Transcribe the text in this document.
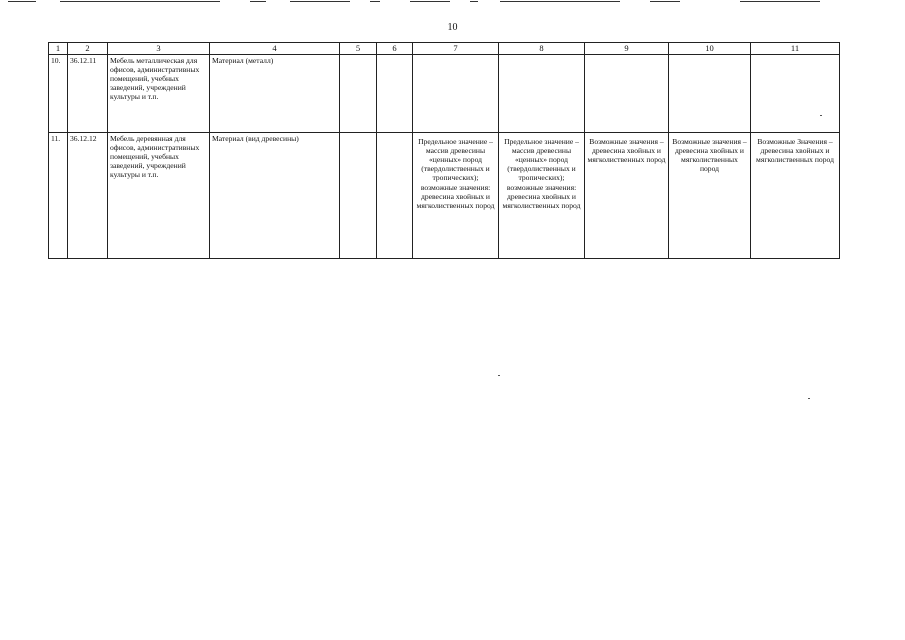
10
1	2	3	4	5	6	7	8	9	10	11
10.	36.12.11	Мебель металлическая для офисов, административных помещений, учебных заведений, учреждений культуры и т.п.	Материал (металл)							
11.	36.12.12	Мебель деревянная для офисов, административных помещений, учебных заведений, учреждений культуры и т.п.	Материал (вид древесины)			Предельное значение – массив древесины «ценных» пород (твердолиственных и тропических); возможные значения: древесина хвойных и мягколиственных пород	Предельное значение – массив древесины «ценных» пород (твердолиственных и тропических); возможные значения: древесина хвойных и мягколиственных пород	Возможные значения – древесина хвойных и мягколиственных пород	Возможные значения – древесина хвойных и мягколиственных пород	Возможные Значения – древесина хвойных и мягколиственных пород
